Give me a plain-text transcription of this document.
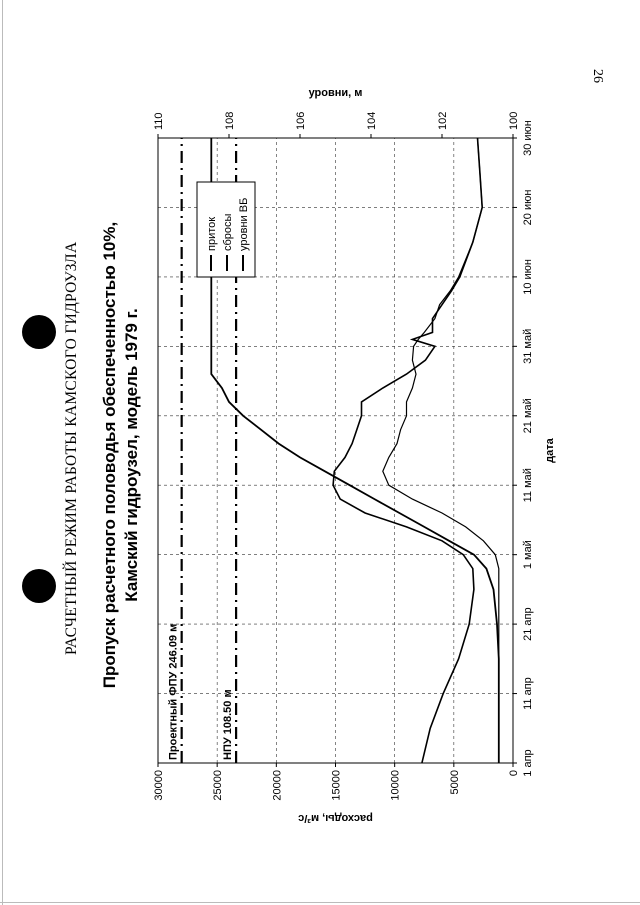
РАСЧЕТНЫЙ РЕЖИМ РАБОТЫ КАМСКОГО ГИДРОУЗЛА Пропуск расчетного половодья обеспеченностью 10%, Камский гидроузел, модель 1979 г.
1 апр
11 апр
21 апр
1 май
11 май
21 май
31 май
10 июн
20 июн
30 июн
0
5000
10000
15000
20000
25000
30000
100
102
104
106
108
110
дата
расходы, м³/с
уровни, м
Проектный ФПУ 246.09 м	НПУ 108.50 м
приток сбросы уровни ВБ
26
